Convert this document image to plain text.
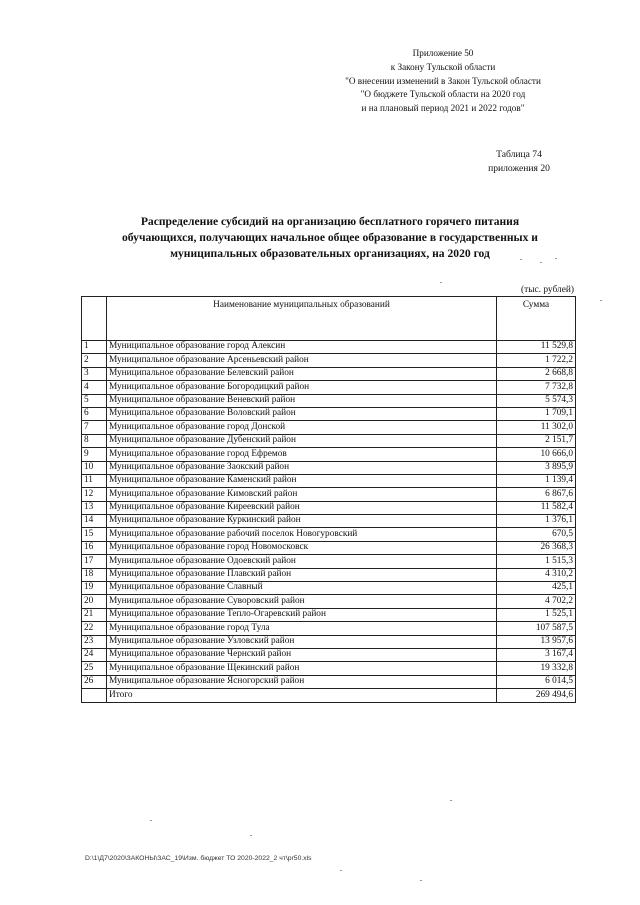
Приложение 50
к Закону Тульской области
"О внесении изменений в Закон Тульской области
"О бюджете Тульской области на 2020 год
и на плановый период 2021 и 2022 годов"
Таблица 74
приложения 20
Распределение субсидий на организацию бесплатного горячего питания
обучающихся, получающих начальное общее образование в государственных и
муниципальных образовательных организациях, на 2020 год
(тыс. рублей)
	Наименование муниципальных образований	Сумма
1	Муниципальное образование город Алексин	11 529,8
2	Муниципальное образование Арсеньевский район	1 722,2
3	Муниципальное образование Белевский район	2 668,8
4	Муниципальное образование Богородицкий район	7 732,8
5	Муниципальное образование Веневский район	5 574,3
6	Муниципальное образование Воловский район	1 709,1
7	Муниципальное образование город Донской	11 302,0
8	Муниципальное образование Дубенский район	2 151,7
9	Муниципальное образование город Ефремов	10 666,0
10	Муниципальное образование Заокский район	3 895,9
11	Муниципальное образование Каменский район	1 139,4
12	Муниципальное образование Кимовский район	6 867,6
13	Муниципальное образование Киреевский район	11 582,4
14	Муниципальное образование Куркинский район	1 376,1
15	Муниципальное образование рабочий поселок Новогуровский	670,5
16	Муниципальное образование город Новомосковск	26 368,3
17	Муниципальное образование Одоевский район	1 515,3
18	Муниципальное образование Плавский район	4 310,2
19	Муниципальное образование Славный	425,1
20	Муниципальное образование Суворовский район	4 702,2
21	Муниципальное образование Тепло-Огаревский район	1 525,1
22	Муниципальное образование город Тула	107 587,5
23	Муниципальное образование Узловский район	13 957,6
24	Муниципальное образование Чернский район	3 167,4
25	Муниципальное образование Щекинский район	19 332,8
26	Муниципальное образование Ясногорский район	6 014,5
	Итого	269 494,6
D:\1\Д7\2020\ЗАКОНЫ\ЗАС_19\Изм. бюджет ТО 2020-2022_2 чт\pr50.xls
